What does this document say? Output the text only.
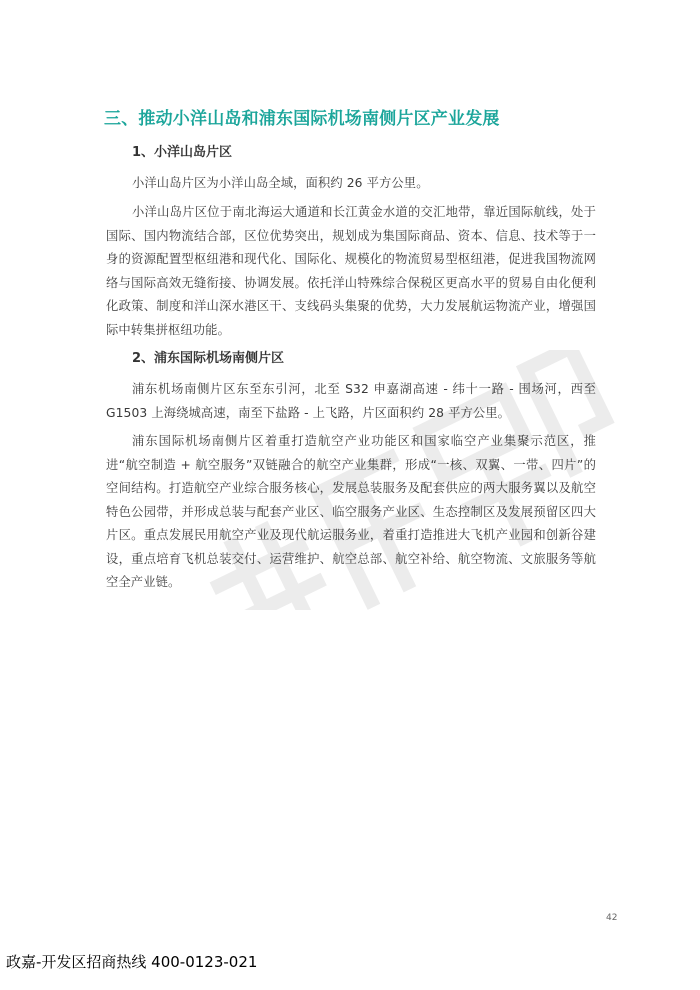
三、推动小洋山岛和浦东国际机场南侧片区产业发展
1、小洋山岛片区

小洋山岛片区为小洋山岛全域，面积约 26 平方公里。

小洋山岛片区位于南北海运大通道和长江黄金水道的交汇地带，靠近国际航线，处于国际、国内物流结合部，区位优势突出，规划成为集国际商品、资本、信息、技术等于一身的资源配置型枢纽港和现代化、国际化、规模化的物流贸易型枢纽港，促进我国物流网络与国际高效无缝衔接、协调发展。依托洋山特殊综合保税区更高水平的贸易自由化便利化政策、制度和洋山深水港区干、支线码头集聚的优势，大力发展航运物流产业，增强国际中转集拼枢纽功能。

2、浦东国际机场南侧片区

浦东机场南侧片区东至东引河，北至 S32 申嘉湖高速 - 纬十一路 - 围场河，西至 G1503 上海绕城高速，南至下盐路 - 上飞路，片区面积约 28 平方公里。

浦东国际机场南侧片区着重打造航空产业功能区和国家临空产业集聚示范区，推进“航空制造 + 航空服务”双链融合的航空产业集群，形成“一核、双翼、一带、四片”的空间结构。打造航空产业综合服务核心，发展总装服务及配套供应的两大服务翼以及航空特色公园带，并形成总装与配套产业区、临空服务产业区、生态控制区及发展预留区四大片区。重点发展民用航空产业及现代航运服务业，着重打造推进大飞机产业园和创新谷建设，重点培育飞机总装交付、运营维护、航空总部、航空补给、航空物流、文旅服务等航空全产业链。

42
政嘉-开发区招商热线 400-0123-021
